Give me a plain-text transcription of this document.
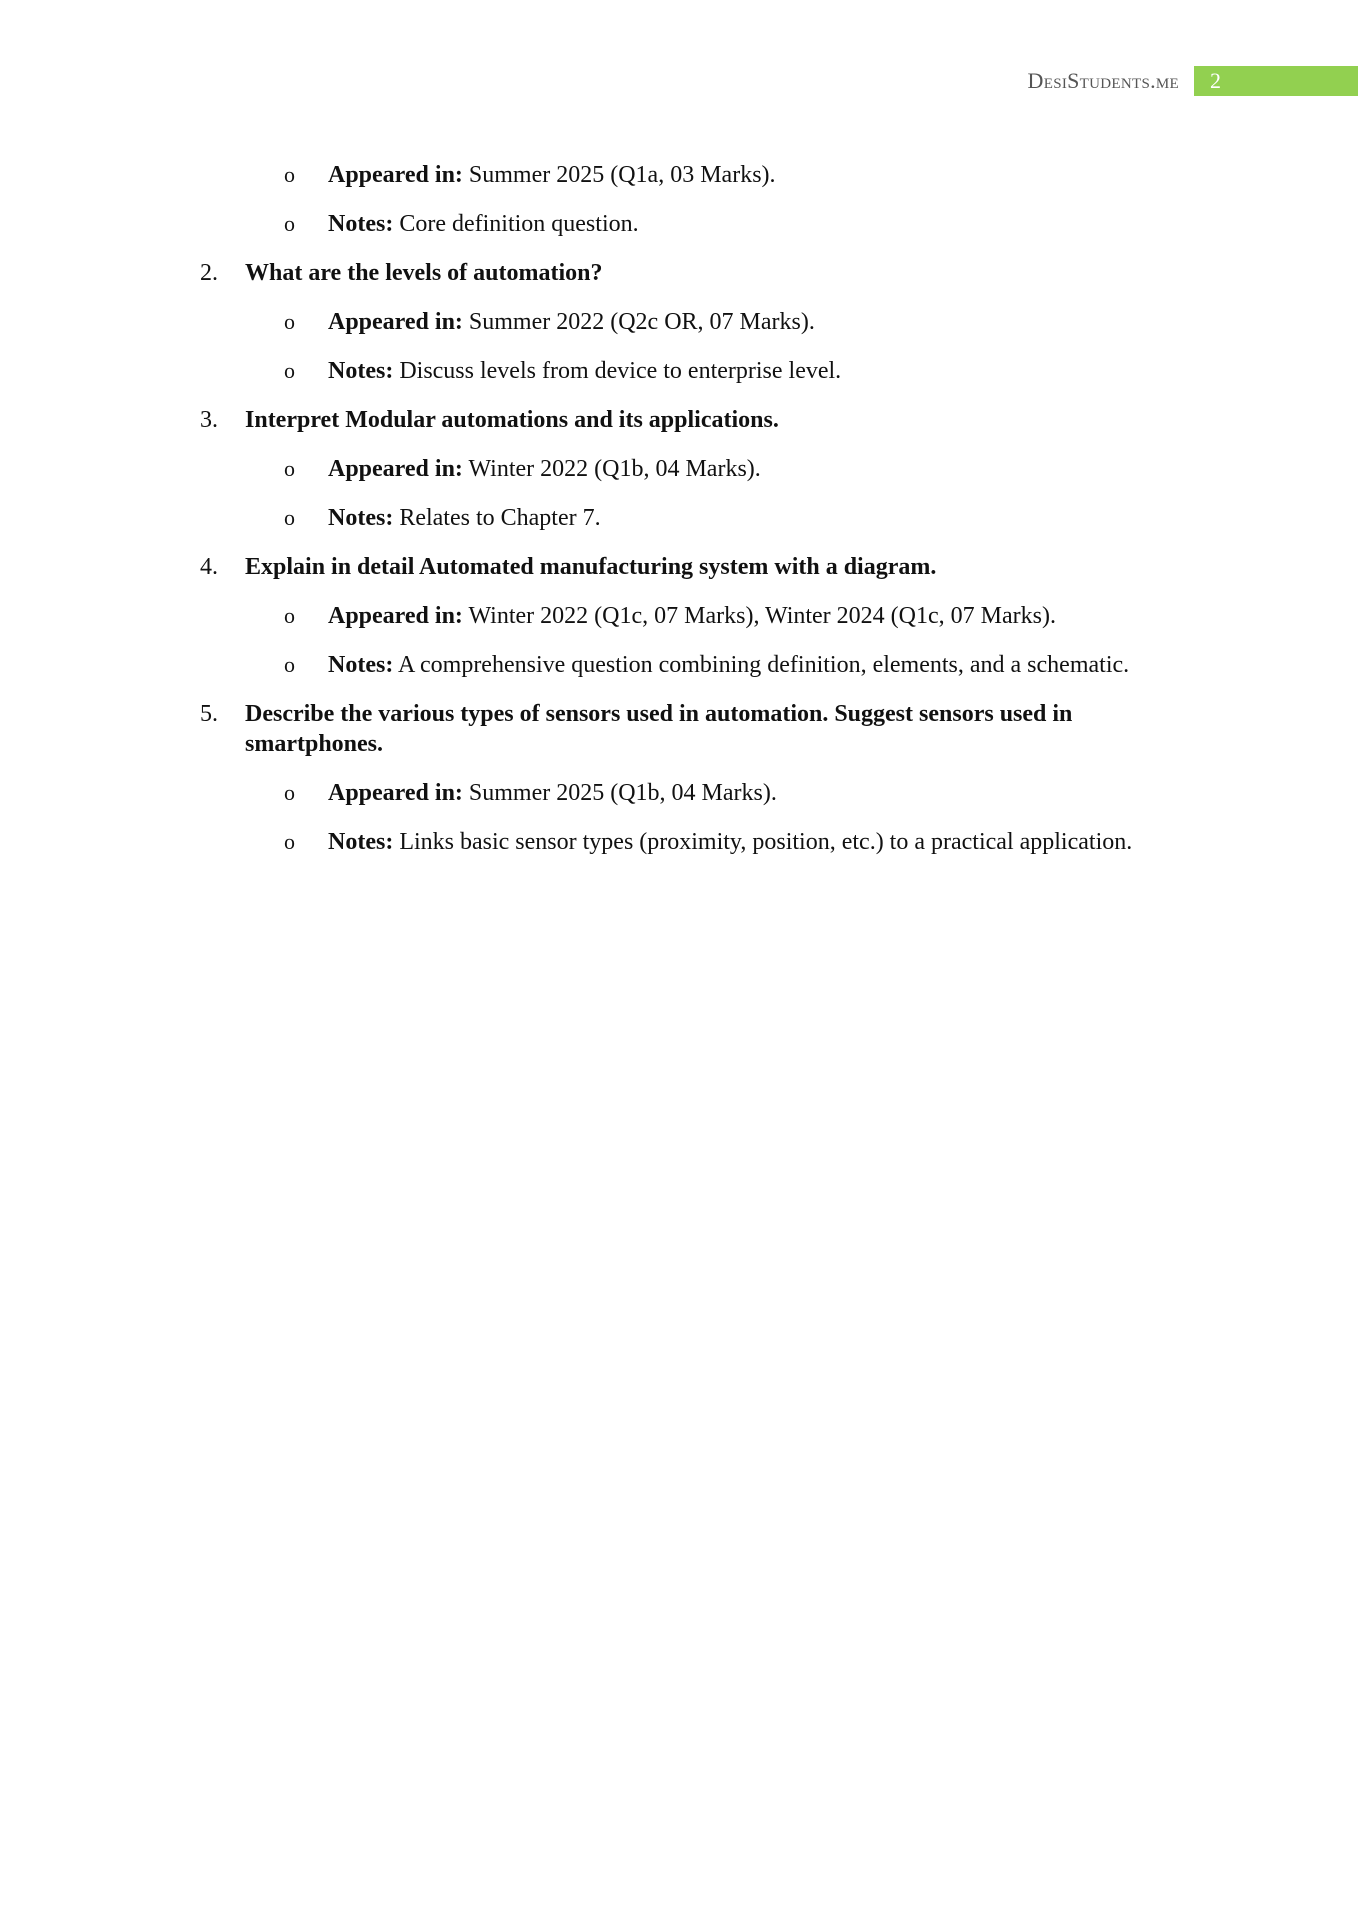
DesiStudents.me	2
o Appeared in: Summer 2025 (Q1a, 03 Marks).
o Notes: Core definition question.
2. What are the levels of automation?
o Appeared in: Summer 2022 (Q2c OR, 07 Marks).
o Notes: Discuss levels from device to enterprise level.
3. Interpret Modular automations and its applications.
o Appeared in: Winter 2022 (Q1b, 04 Marks).
o Notes: Relates to Chapter 7.
4. Explain in detail Automated manufacturing system with a diagram.
o Appeared in: Winter 2022 (Q1c, 07 Marks), Winter 2024 (Q1c, 07 Marks).
o Notes: A comprehensive question combining definition, elements, and a schematic.
5. Describe the various types of sensors used in automation. Suggest sensors used in smartphones.
o Appeared in: Summer 2025 (Q1b, 04 Marks).
o Notes: Links basic sensor types (proximity, position, etc.) to a practical application.
